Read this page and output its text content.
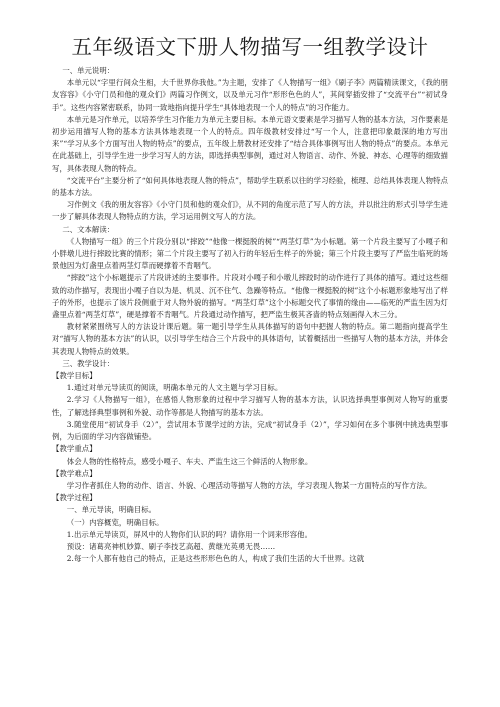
五年级语文下册人物描写一组教学设计

一、单元说明：

本单元以“字里行间众生相，大千世界你我他。”为主题，安排了《人物描写一组》《刷子李》两篇精读课文，《我的朋友容容》《小守门员和他的观众们》两篇习作例文，以及单元习作“形形色色的人”，其间穿插安排了“交流平台”“初试身手”。这些内容紧密联系，协同一致地指向提升学生“具体地表现一个人的特点”的习作能力。

本单元是习作单元，以培养学生习作能力为单元主要目标。本单元语文要素是学习描写人物的基本方法，习作要素是初步运用描写人物的基本方法具体地表现一个人的特点。四年级教材安排过“写一个人，注意把印象最深的地方写出来”“学习从多个方面写出人物的特点”的要点，五年级上册教材还安排了“结合具体事例写出人物的特点”的要点。本单元在此基础上，引导学生进一步学习写人的方法，即选择典型事例，通过对人物语言、动作、外貌、神态、心理等的细致描写，具体表现人物的特点。

“交流平台”主要分析了“如何具体地表现人物的特点”，帮助学生联系以往的学习经验，梳理、总结具体表现人物特点的基本方法。

习作例文《我的朋友容容》《小守门员和他的观众们》，从不同的角度示范了写人的方法，并以批注的形式引导学生进一步了解具体表现人物特点的方法，学习运用例文写人的方法。

二、文本解读：

《人物描写一组》的三个片段分别以“摔跤”“他像一棵挺脱的树”“两茎灯草”为小标题。第一个片段主要写了小嘎子和小胖墩儿进行摔跤比赛的情形；第二个片段主要写了初入行的年轻后生样子的外貌；第三个片段主要写了严监生临死的场景他因为灯盏里点着两茎灯草而硬撑着不肯咽气。

“摔跤”这个小标题提示了片段讲述的主要事件。片段对小嘎子和小墩儿摔跤时的动作进行了具体的描写。通过这些细致的动作描写，表现出小嘎子自以为是、机灵、沉不住气、急躁等特点。“他像一棵挺脱的树”这个小标题形象地写出了样子的外形，也提示了该片段侧重于对人物外貌的描写。“两茎灯草”这个小标题交代了事情的缘由——临死的严监生因为灯盏里点着“两茎灯草”，硬是撑着不肯咽气。片段通过动作描写，把严监生极其吝啬的特点刻画得入木三分。

教材紧紧围绕写人的方法设计课后题。第一题引导学生从具体描写的语句中把握人物的特点。第二题指向提高学生对“描写人物的基本方法”的认识，以引导学生结合三个片段中的具体语句，试着概括出一些描写人物的基本方法，并体会其表现人物特点的效果。

三、教学设计：

【教学目标】

1.通过对单元导读页的阅读，明确本单元的人文主题与学习目标。

2.学习《人物描写一组》，在感悟人物形象的过程中学习描写人物的基本方法，认识选择典型事例对人物写的重要性，了解选择典型事例和外貌、动作等都是人物描写的基本方法。

3.随堂使用“初试身手（2）”，尝试用本节课学过的方法，完成“初试身手（2）”，学习如何在多个事例中挑选典型事例，为后面的学习内容做铺垫。

【教学重点】

体会人物的性格特点，感受小嘎子、车夫、严监生这三个鲜活的人物形象。

【教学难点】

学习作者抓住人物的动作、语言、外貌、心理活动等描写人物的方法，学习表现人物某一方面特点的写作方法。

【教学过程】

一、单元导读，明确目标。

（一）内容概览，明确目标。

1.出示单元导读页，屏风中的人物你们认识的吗？请你用一个词来形容他。

预设：诸葛亮神机妙算、刷子李技艺高超、黄继光英勇无畏……

2.每一个人都有他自己的特点，正是这些形形色色的人，构成了我们生活的大千世界。这就
